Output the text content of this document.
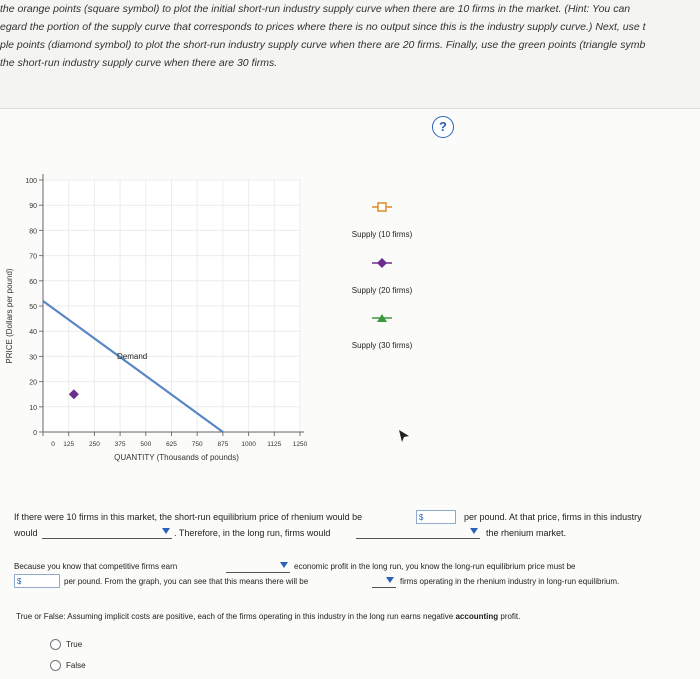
the orange points (square symbol) to plot the initial short-run industry supply curve when there are 10 firms in the market. (Hint: You can
egard the portion of the supply curve that corresponds to prices where there is no output since this is the industry supply curve.) Next, use t
ple points (diamond symbol) to plot the short-run industry supply curve when there are 20 firms. Finally, use the green points (triangle symb
the short-run industry supply curve when there are 30 firms.
?
0
10
20
30
40
50
60
70
80
90
100
0 125 250 375 500 625 750 875 1000 1125 1250
PRICE (Dollars per pound)
QUANTITY (Thousands of pounds)
Demand
Supply (10 firms)
Supply (20 firms)
Supply (30 firms)
If there were 10 firms in this market, the short-run equilibrium price of rhenium would be	$	per pound. At that price, firms in this industry
would	. Therefore, in the long run, firms would	the rhenium market.
Because you know that competitive firms earn	economic profit in the long run, you know the long-run equilibrium price must be
$	per pound. From the graph, you can see that this means there will be	firms operating in the rhenium industry in long-run equilibrium.
True or False: Assuming implicit costs are positive, each of the firms operating in this industry in the long run earns negative accounting profit.
True
False
